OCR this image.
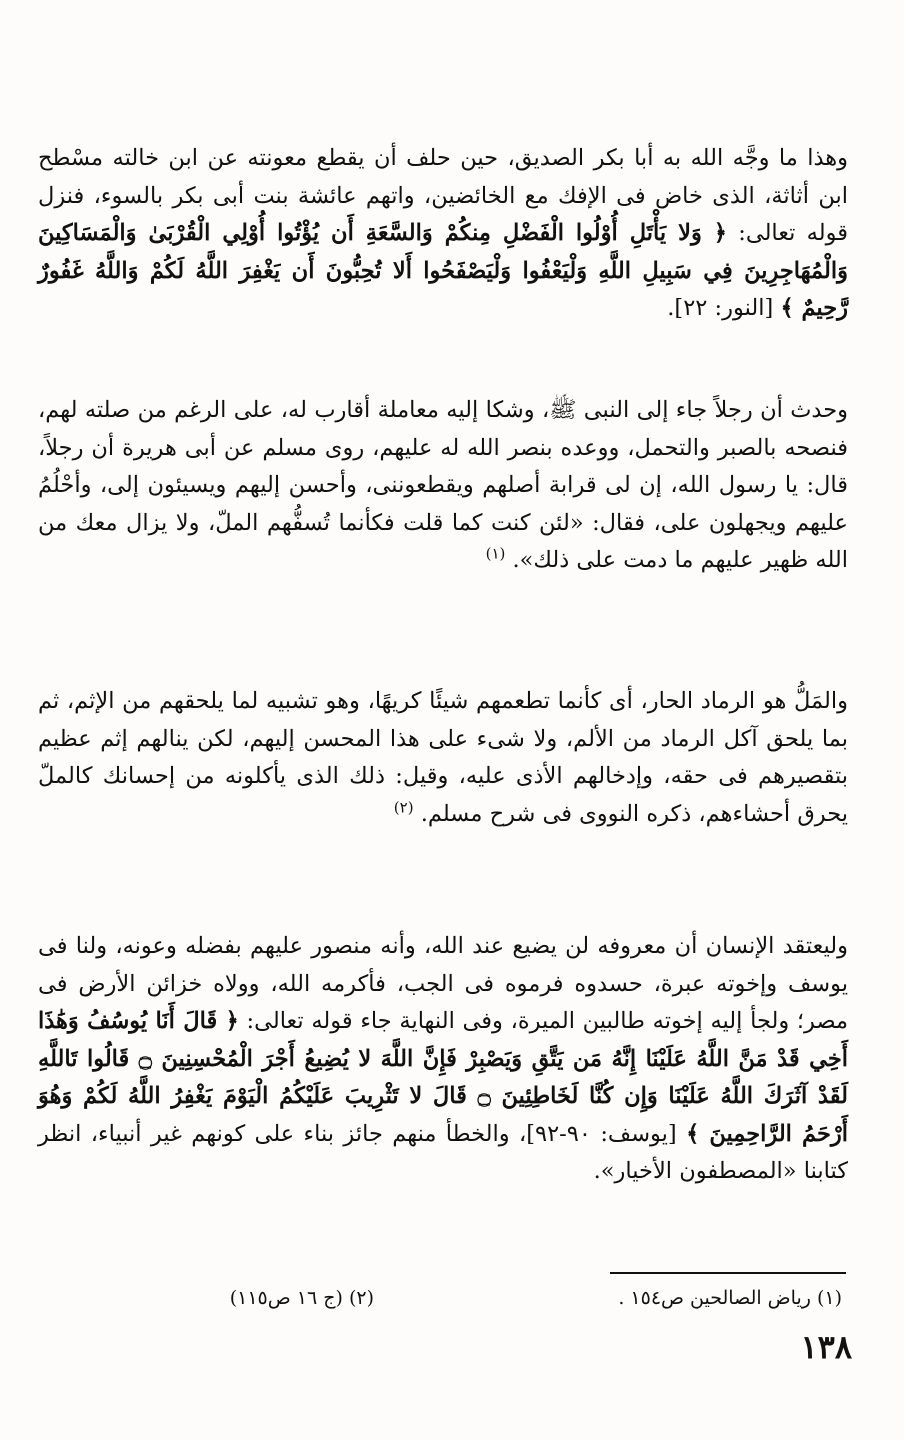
وهذا ما وجَّه الله به أبا بكر الصديق، حين حلف أن يقطع معونته عن ابن خالته مسْطح ابن أثاثة، الذى خاض فى الإفك مع الخائضين، واتهم عائشة بنت أبى بكر بالسوء، فنزل قوله تعالى: ﴿ وَلا يَأْتَلِ أُوْلُوا الْفَضْلِ مِنكُمْ وَالسَّعَةِ أَن يُؤْتُوا أُوْلِي الْقُرْبَىٰ وَالْمَسَاكِينَ وَالْمُهَاجِرِينَ فِي سَبِيلِ اللَّهِ وَلْيَعْفُوا وَلْيَصْفَحُوا أَلا تُحِبُّونَ أَن يَغْفِرَ اللَّهُ لَكُمْ وَاللَّهُ غَفُورٌ رَّحِيمٌ ﴾ [النور: ٢٢].

وحدث أن رجلاً جاء إلى النبى ﷺ، وشكا إليه معاملة أقارب له، على الرغم من صلته لهم، فنصحه بالصبر والتحمل، ووعده بنصر الله له عليهم، روى مسلم عن أبى هريرة أن رجلاً، قال: يا رسول الله، إن لى قرابة أصلهم ويقطعوننى، وأحسن إليهم ويسيئون إلى، وأحْلُمُ عليهم ويجهلون على، فقال: «لئن كنت كما قلت فكأنما تُسفُّهم الملّ، ولا يزال معك من الله ظهير عليهم ما دمت على ذلك». $^{(١)}$

والمَلُّ هو الرماد الحار، أى كأنما تطعمهم شيئًا كريهًا، وهو تشبيه لما يلحقهم من الإثم، ثم بما يلحق آكل الرماد من الألم، ولا شىء على هذا المحسن إليهم، لكن ينالهم إثم عظيم بتقصيرهم فى حقه، وإدخالهم الأذى عليه، وقيل: ذلك الذى يأكلونه من إحسانك كالملّ يحرق أحشاءهم، ذكره النووى فى شرح مسلم. $^{(٢)}$

وليعتقد الإنسان أن معروفه لن يضيع عند الله، وأنه منصور عليهم بفضله وعونه، ولنا فى يوسف وإخوته عبرة، حسدوه فرموه فى الجب، فأكرمه الله، وولاه خزائن الأرض فى مصر؛ ولجأ إليه إخوته طالبين الميرة، وفى النهاية جاء قوله تعالى: ﴿ قَالَ أَنَا يُوسُفُ وَهَٰذَا أَخِي قَدْ مَنَّ اللَّهُ عَلَيْنَا إِنَّهُ مَن يَتَّقِ وَيَصْبِرْ فَإِنَّ اللَّهَ لا يُضِيعُ أَجْرَ الْمُحْسِنِينَ ۝ قَالُوا تَاللَّهِ لَقَدْ آثَرَكَ اللَّهُ عَلَيْنَا وَإِن كُنَّا لَخَاطِئِينَ ۝ قَالَ لا تَثْرِيبَ عَلَيْكُمُ الْيَوْمَ يَغْفِرُ اللَّهُ لَكُمْ وَهُوَ أَرْحَمُ الرَّاحِمِينَ ﴾ [يوسف: ٩٠-٩٢]، والخطأ منهم جائز بناء على كونهم غير أنبياء، انظر كتابنا «المصطفون الأخيار».

(١) رياض الصالحين ص١٥٤ .
(٢) (ج ١٦ ص١١٥)
١٣٨
